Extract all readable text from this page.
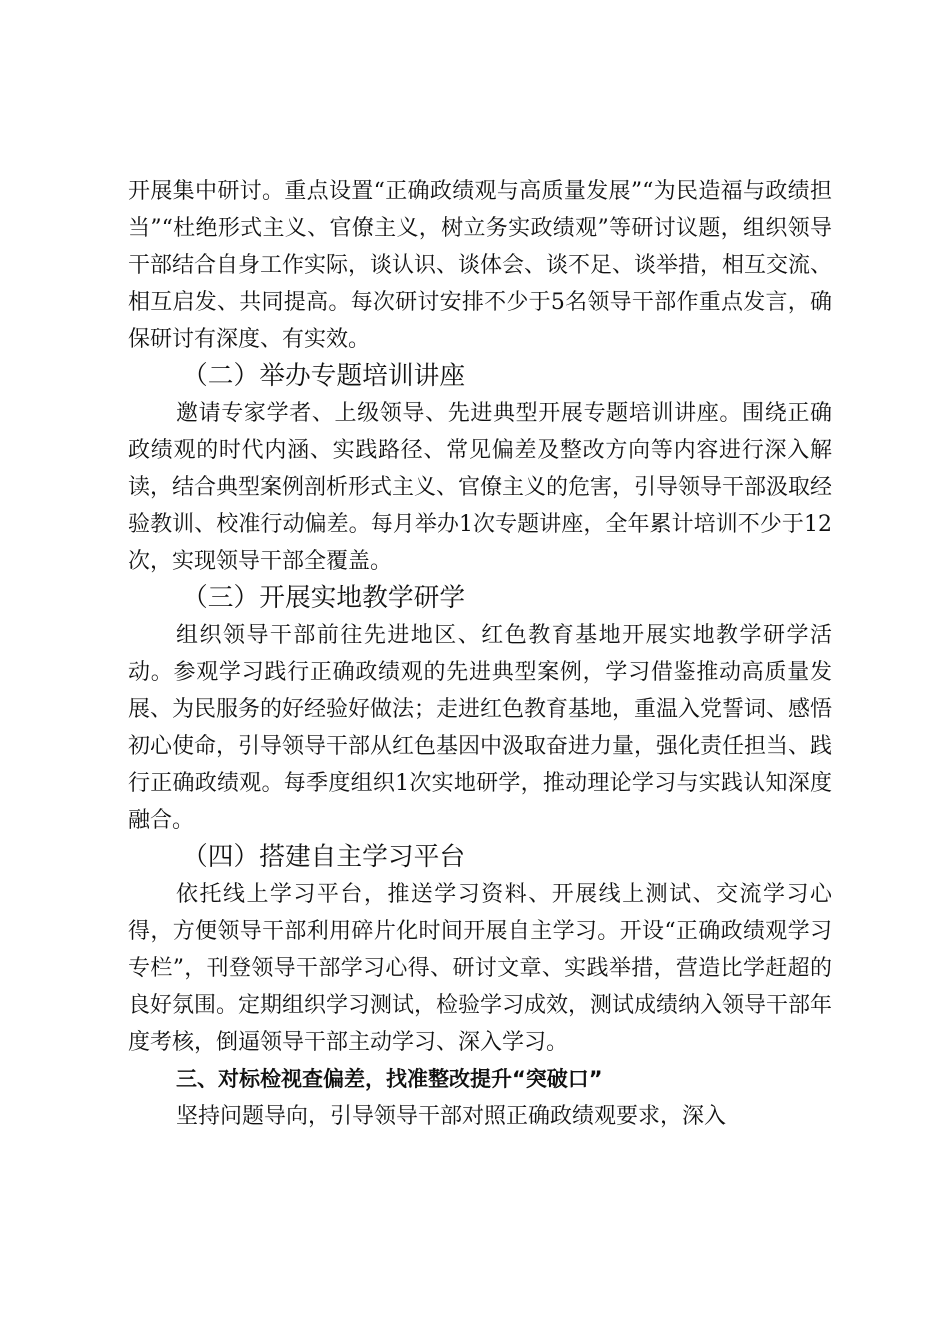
开展集中研讨。重点设置“正确政绩观与高质量发展”“为民造福与政绩担当”“杜绝形式主义、官僚主义，树立务实政绩观”等研讨议题，组织领导干部结合自身工作实际，谈认识、谈体会、谈不足、谈举措，相互交流、相互启发、共同提高。每次研讨安排不少于5名领导干部作重点发言，确保研讨有深度、有实效。

（二）举办专题培训讲座

邀请专家学者、上级领导、先进典型开展专题培训讲座。围绕正确政绩观的时代内涵、实践路径、常见偏差及整改方向等内容进行深入解读，结合典型案例剖析形式主义、官僚主义的危害，引导领导干部汲取经验教训、校准行动偏差。每月举办1次专题讲座，全年累计培训不少于12次，实现领导干部全覆盖。

（三）开展实地教学研学

组织领导干部前往先进地区、红色教育基地开展实地教学研学活动。参观学习践行正确政绩观的先进典型案例，学习借鉴推动高质量发展、为民服务的好经验好做法；走进红色教育基地，重温入党誓词、感悟初心使命，引导领导干部从红色基因中汲取奋进力量，强化责任担当、践行正确政绩观。每季度组织1次实地研学，推动理论学习与实践认知深度融合。

（四）搭建自主学习平台

依托线上学习平台，推送学习资料、开展线上测试、交流学习心得，方便领导干部利用碎片化时间开展自主学习。开设“正确政绩观学习专栏”，刊登领导干部学习心得、研讨文章、实践举措，营造比学赶超的良好氛围。定期组织学习测试，检验学习成效，测试成绩纳入领导干部年度考核，倒逼领导干部主动学习、深入学习。

三、对标检视查偏差，找准整改提升“突破口”

坚持问题导向，引导领导干部对照正确政绩观要求，深入
